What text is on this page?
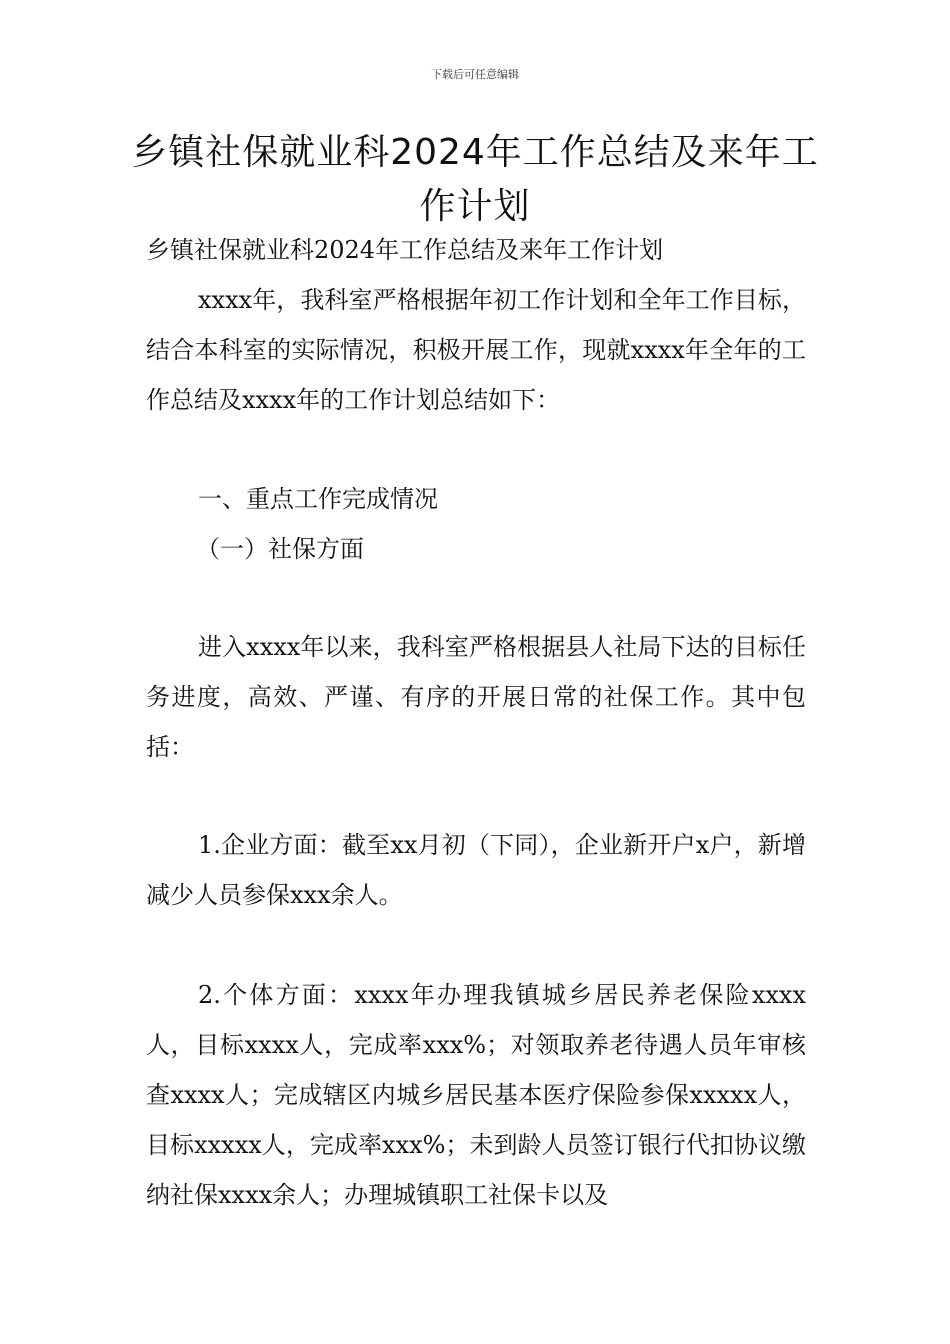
下载后可任意编辑
乡镇社保就业科2024年工作总结及来年工作计划

乡镇社保就业科2024年工作总结及来年工作计划

xxxx年，我科室严格根据年初工作计划和全年工作目标，结合本科室的实际情况，积极开展工作，现就xxxx年全年的工作总结及xxxx年的工作计划总结如下：

一、重点工作完成情况

（一）社保方面

进入xxxx年以来，我科室严格根据县人社局下达的目标任务进度，高效、严谨、有序的开展日常的社保工作。其中包括：

1.企业方面：截至xx月初（下同），企业新开户x户，新增减少人员参保xxx余人。

2.个体方面：xxxx年办理我镇城乡居民养老保险xxxx人，目标xxxx人，完成率xxx%；对领取养老待遇人员年审核查xxxx人；完成辖区内城乡居民基本医疗保险参保xxxxx人，目标xxxxx人，完成率xxx%；未到龄人员签订银行代扣协议缴纳社保xxxx余人；办理城镇职工社保卡以及
